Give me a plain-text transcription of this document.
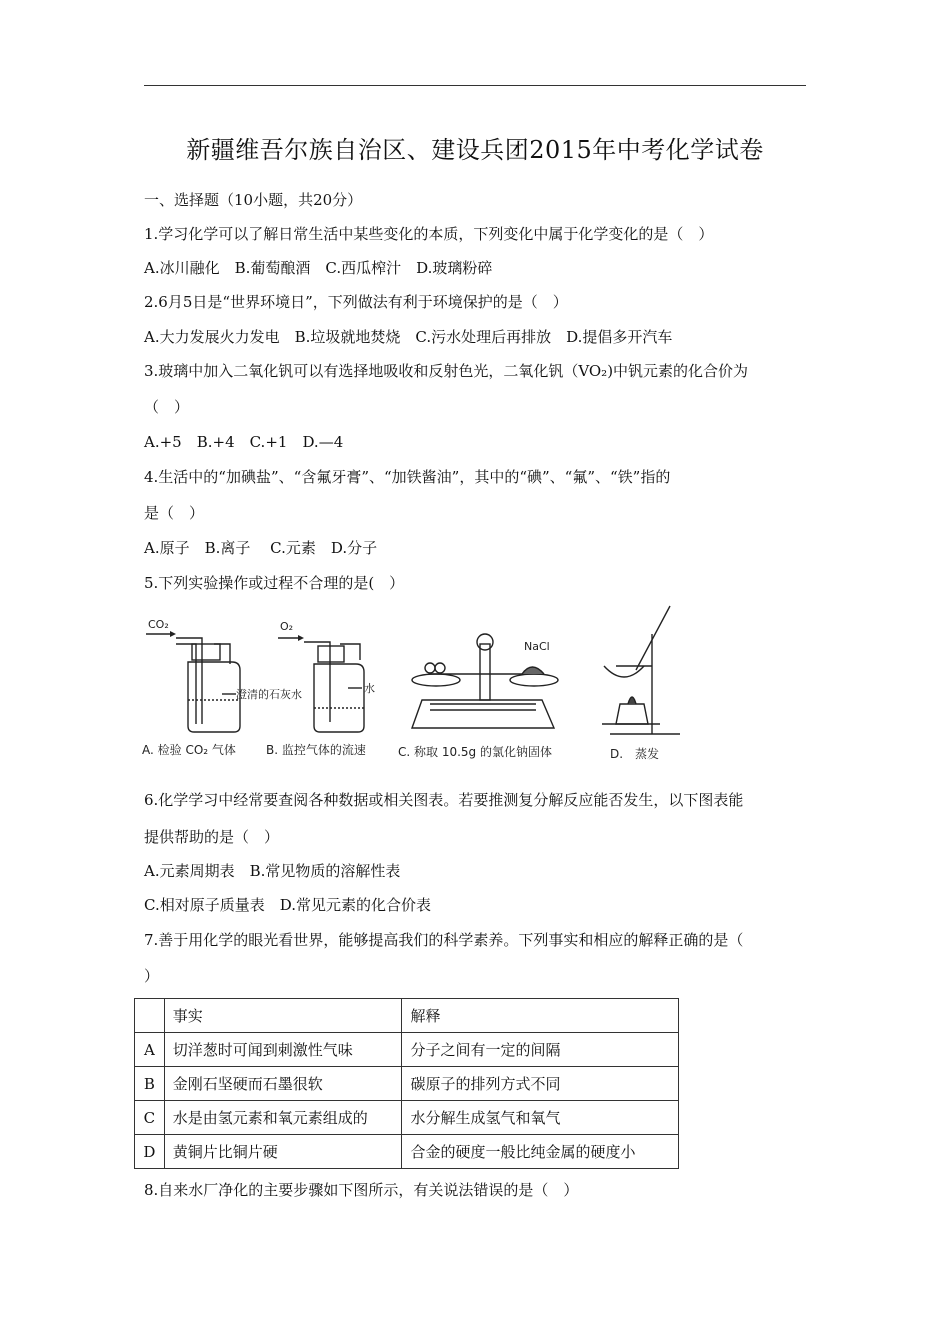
新疆维吾尔族自治区、建设兵团2015年中考化学试卷
一、选择题（10小题，共20分）
1.学习化学可以了解日常生活中某些变化的本质，下列变化中属于化学变化的是（　）
A.冰川融化　B.葡萄酿酒　C.西瓜榨汁　D.玻璃粉碎
2.6月5日是“世界环境日”，下列做法有利于环境保护的是（　）
A.大力发展火力发电　B.垃圾就地焚烧　C.污水处理后再排放　D.提倡多开汽车
3.玻璃中加入二氧化钒可以有选择地吸收和反射色光，二氧化钒（VO₂)中钒元素的化合价为
（　）
A.+5　B.+4　C.+1　D.—4
4.生活中的“加碘盐”、“含氟牙膏”、“加铁酱油”，其中的“碘”、“氟”、“铁”指的
是（　）
A.原子　B.离子　 C.元素　D.分子
5.下列实验操作或过程不合理的是(　）
CO₂
澄清的石灰水
O₂
水
NaCl
A. 检验 CO₂ 气体	B. 监控气体的流速	C. 称取 10.5g 的氯化钠固体	D.　蒸发
6.化学学习中经常要查阅各种数据或相关图表。若要推测复分解反应能否发生，以下图表能
提供帮助的是（　）
A.元素周期表　B.常见物质的溶解性表
C.相对原子质量表　D.常见元素的化合价表
7.善于用化学的眼光看世界，能够提高我们的科学素养。下列事实和相应的解释正确的是（
）
	事实	解释
A	切洋葱时可闻到刺激性气味	分子之间有一定的间隔
B	金刚石坚硬而石墨很软	碳原子的排列方式不同
C	水是由氢元素和氧元素组成的	水分解生成氢气和氧气
D	黄铜片比铜片硬	合金的硬度一般比纯金属的硬度小
8.自来水厂净化的主要步骤如下图所示，有关说法错误的是（　）
